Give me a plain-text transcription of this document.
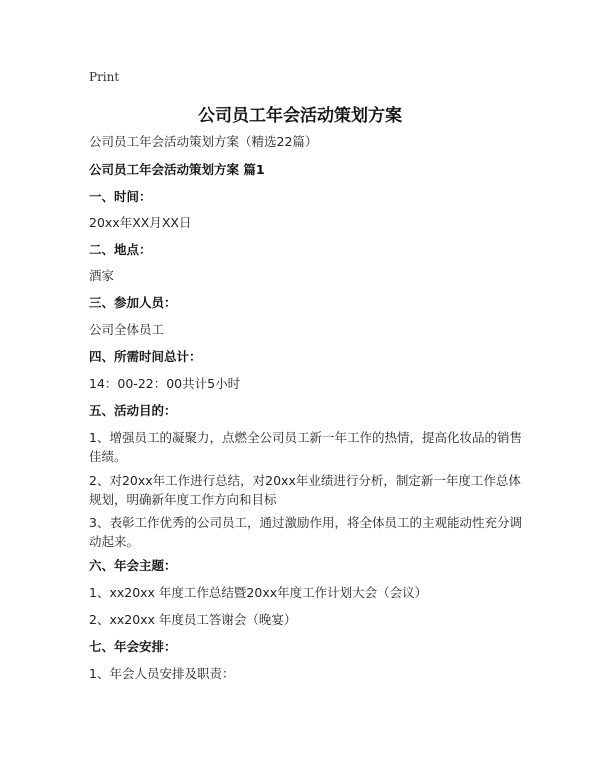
Print
公司员工年会活动策划方案
公司员工年会活动策划方案（精选22篇）
公司员工年会活动策划方案 篇1
一、时间：
20xx年XX月XX日
二、地点：
酒家
三、参加人员：
公司全体员工
四、所需时间总计：
14：00-22：00共计5小时
五、活动目的：
1、增强员工的凝聚力，点燃全公司员工新一年工作的热情，提高化妆品的销售佳绩。
2、对20xx年工作进行总结，对20xx年业绩进行分析，制定新一年度工作总体规划，明确新年度工作方向和目标
3、表彰工作优秀的公司员工，通过激励作用，将全体员工的主观能动性充分调动起来。
六、年会主题：
1、xx20xx 年度工作总结暨20xx年度工作计划大会（会议）
2、xx20xx 年度员工答谢会（晚宴）
七、年会安排：
1、年会人员安排及职责：
